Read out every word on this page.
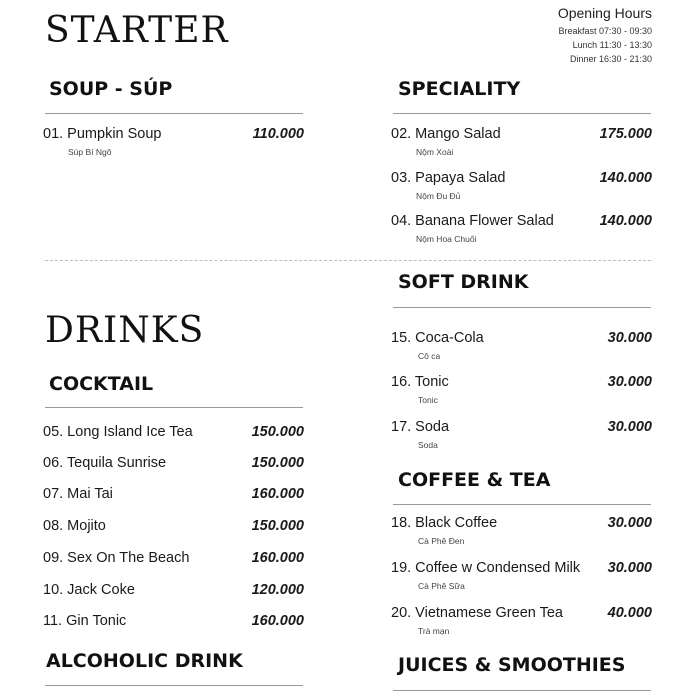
STARTER
DRINKS
Opening Hours
Breakfast 07:30 - 09:30
Lunch 11:30 - 13:30
Dinner 16:30 - 21:30
SOUP - SÚP
01. Pumpkin Soup	110.000
Súp Bí Ngô
SPECIALITY
02. Mango Salad	175.000
Nộm Xoài
03. Papaya Salad	140.000
Nộm Đu Đủ
04. Banana Flower Salad	140.000
Nộm Hoa Chuối
COCKTAIL
05. Long Island Ice Tea	150.000
06. Tequila Sunrise	150.000
07. Mai Tai	160.000
08. Mojito	150.000
09. Sex On The Beach	160.000
10. Jack Coke	120.000
11. Gin Tonic	160.000
ALCOHOLIC DRINK
SOFT DRINK
15. Coca-Cola	30.000
Cô ca
16. Tonic	30.000
Tonic
17. Soda	30.000
Soda
COFFEE & TEA
18. Black Coffee	30.000
Cà Phê Đen
19. Coffee w Condensed Milk 30.000
Cà Phê Sữa
20. Vietnamese Green Tea	40.000
Trà mạn
JUICES & SMOOTHIES
